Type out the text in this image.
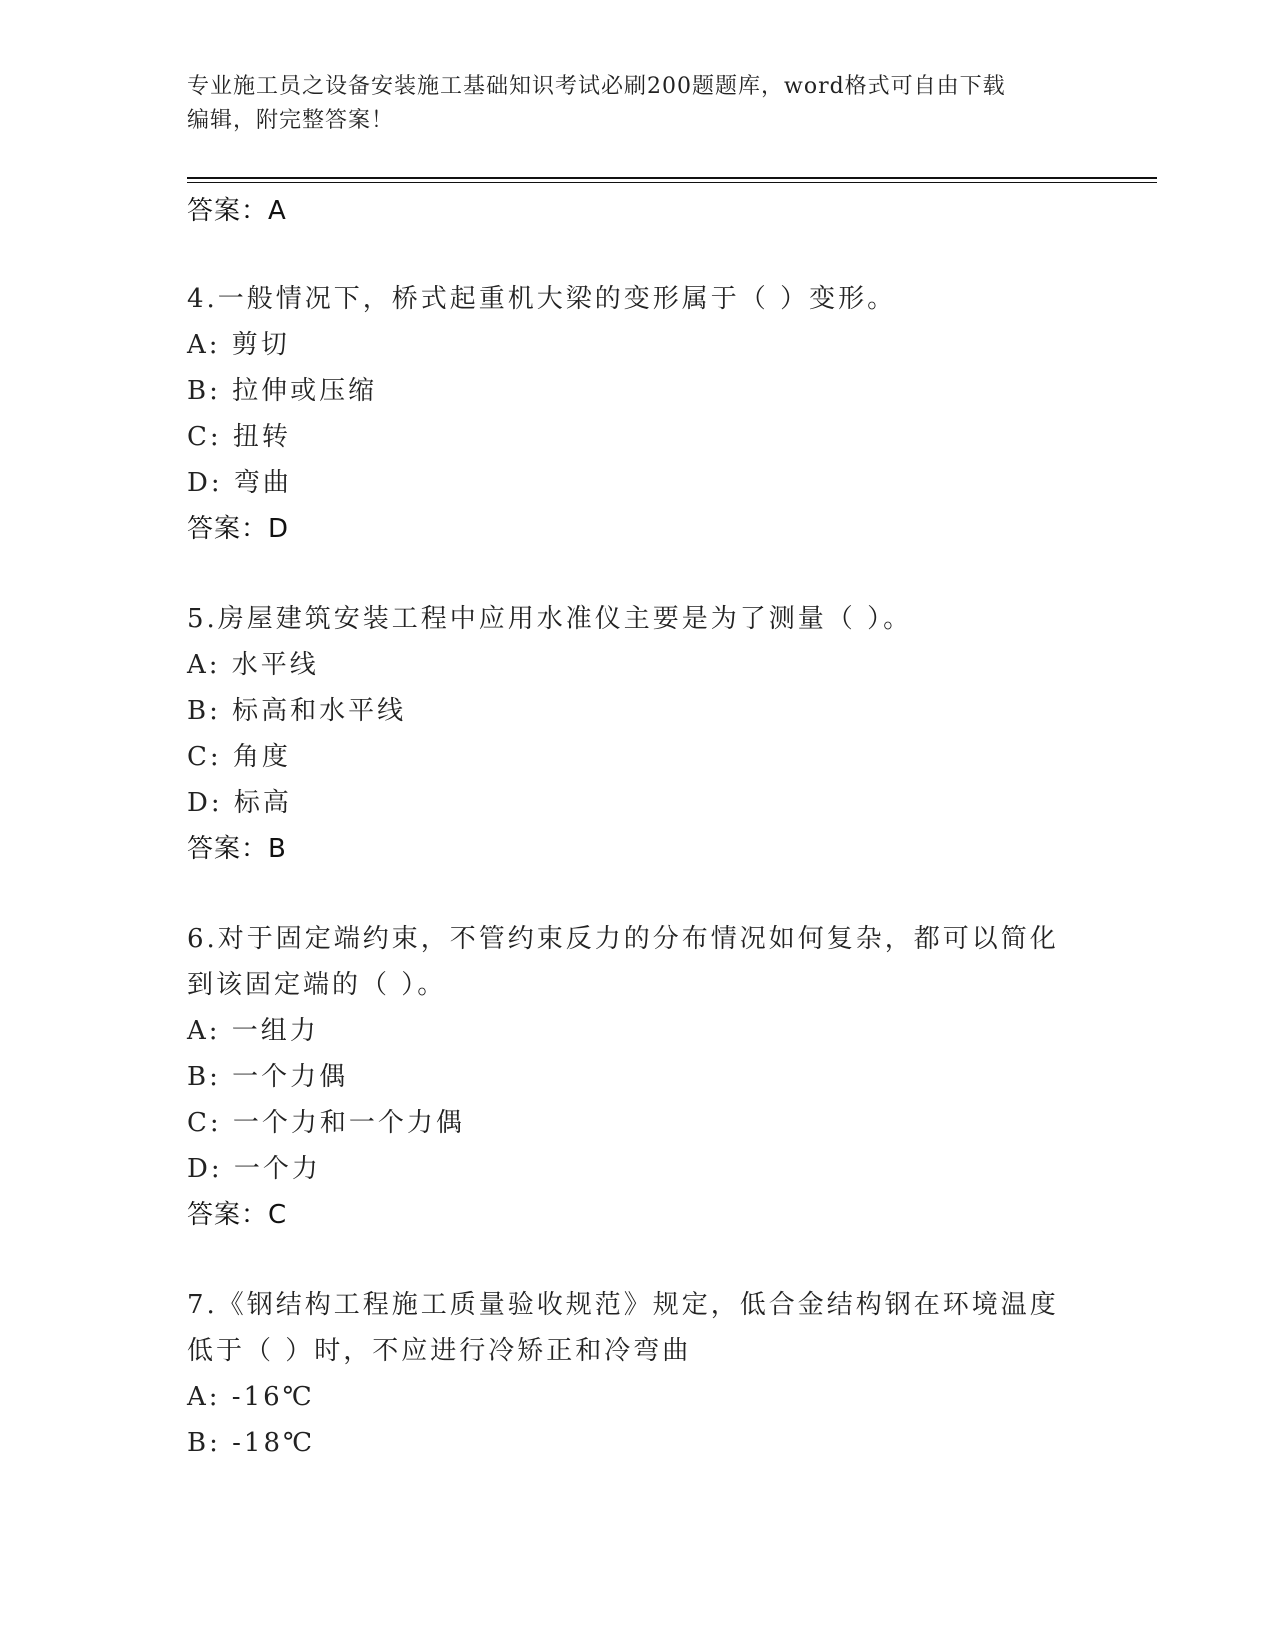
专业施工员之设备安装施工基础知识考试必刷200题题库，word格式可自由下载
编辑，附完整答案！

答案：A

4.一般情况下，桥式起重机大梁的变形属于（ ）变形。

A: 剪切

B: 拉伸或压缩

C: 扭转

D: 弯曲

答案：D

5.房屋建筑安装工程中应用水准仪主要是为了测量（ ）。

A: 水平线

B: 标高和水平线

C: 角度

D: 标高

答案：B

6.对于固定端约束，不管约束反力的分布情况如何复杂，都可以简化

到该固定端的（ ）。

A: 一组力

B: 一个力偶

C: 一个力和一个力偶

D: 一个力

答案：C

7.《钢结构工程施工质量验收规范》规定，低合金结构钢在环境温度

低于（ ）时，不应进行冷矫正和冷弯曲

A: -16℃

B: -18℃
